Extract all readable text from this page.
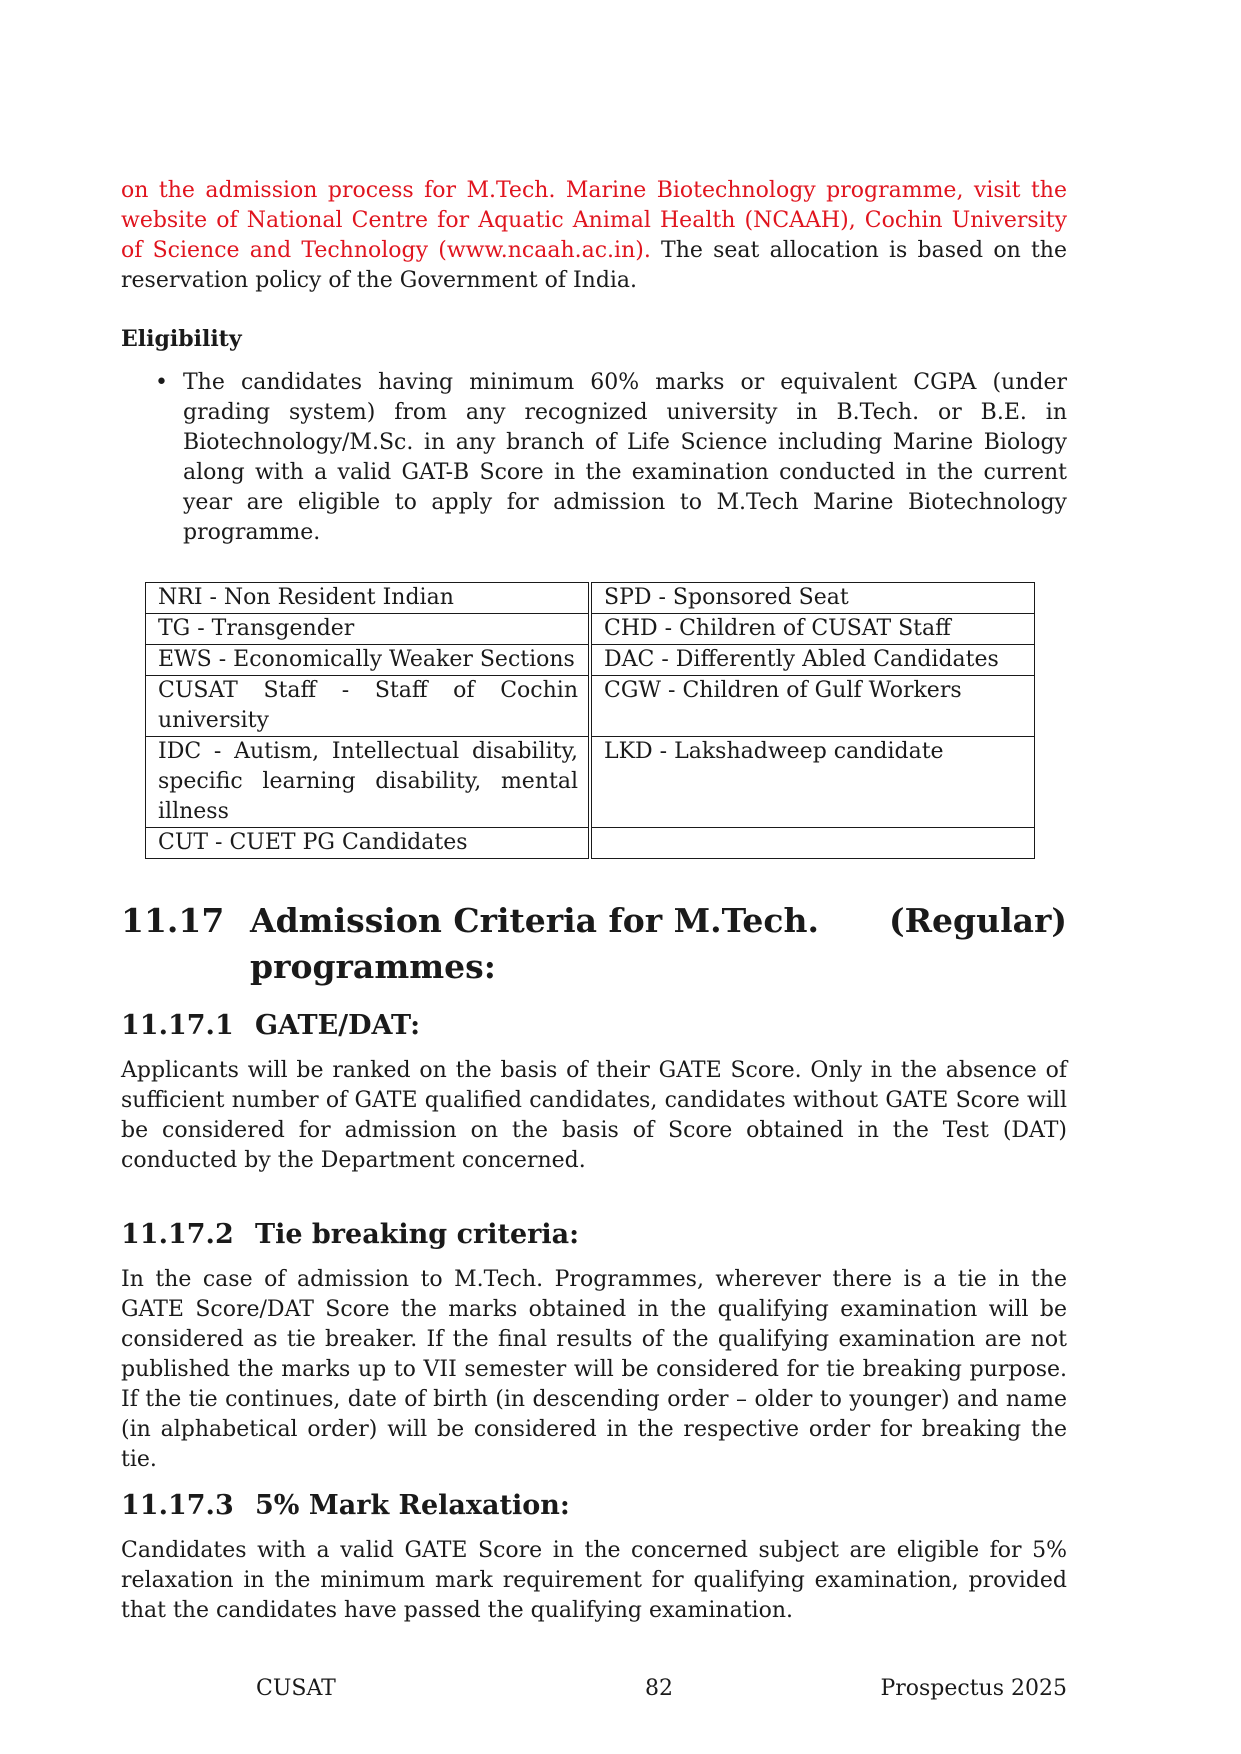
on the admission process for M.Tech. Marine Biotechnology programme, visit the website of National Centre for Aquatic Animal Health (NCAAH), Cochin University of Science and Technology (www.ncaah.ac.in). The seat allocation is based on the reservation policy of the Government of India.

Eligibility
• The candidates having minimum 60% marks or equivalent CGPA (under grading system) from any recognized university in B.Tech. or B.E. in Biotechnology/M.Sc. in any branch of Life Science including Marine Biology along with a valid GAT-B Score in the examination conducted in the current year are eligible to apply for admission to M.Tech Marine Biotechnology programme.
NRI - Non Resident Indian	SPD - Sponsored Seat
TG - Transgender	CHD - Children of CUSAT Staff
EWS - Economically Weaker Sections	DAC - Differently Abled Candidates
CUSAT Staff - Staff of Cochin university	CGW - Children of Gulf Workers
IDC - Autism, Intellectual disability, specific learning disability, mental illness	LKD - Lakshadweep candidate
CUT - CUET PG Candidates	
11.17 Admission Criteria for M.Tech. (Regular)
programmes:
11.17.1 GATE/DAT:

Applicants will be ranked on the basis of their GATE Score. Only in the absence of sufficient number of GATE qualified candidates, candidates without GATE Score will be considered for admission on the basis of Score obtained in the Test (DAT) conducted by the Department concerned.

11.17.2 Tie breaking criteria:

In the case of admission to M.Tech. Programmes, wherever there is a tie in the GATE Score/DAT Score the marks obtained in the qualifying examination will be considered as tie breaker. If the final results of the qualifying examination are not published the marks up to VII semester will be considered for tie breaking purpose. If the tie continues, date of birth (in descending order – older to younger) and name (in alphabetical order) will be considered in the respective order for breaking the tie.

11.17.3 5% Mark Relaxation:

Candidates with a valid GATE Score in the concerned subject are eligible for 5% relaxation in the minimum mark requirement for qualifying examination, provided that the candidates have passed the qualifying examination.

CUSAT	82	Prospectus 2025
